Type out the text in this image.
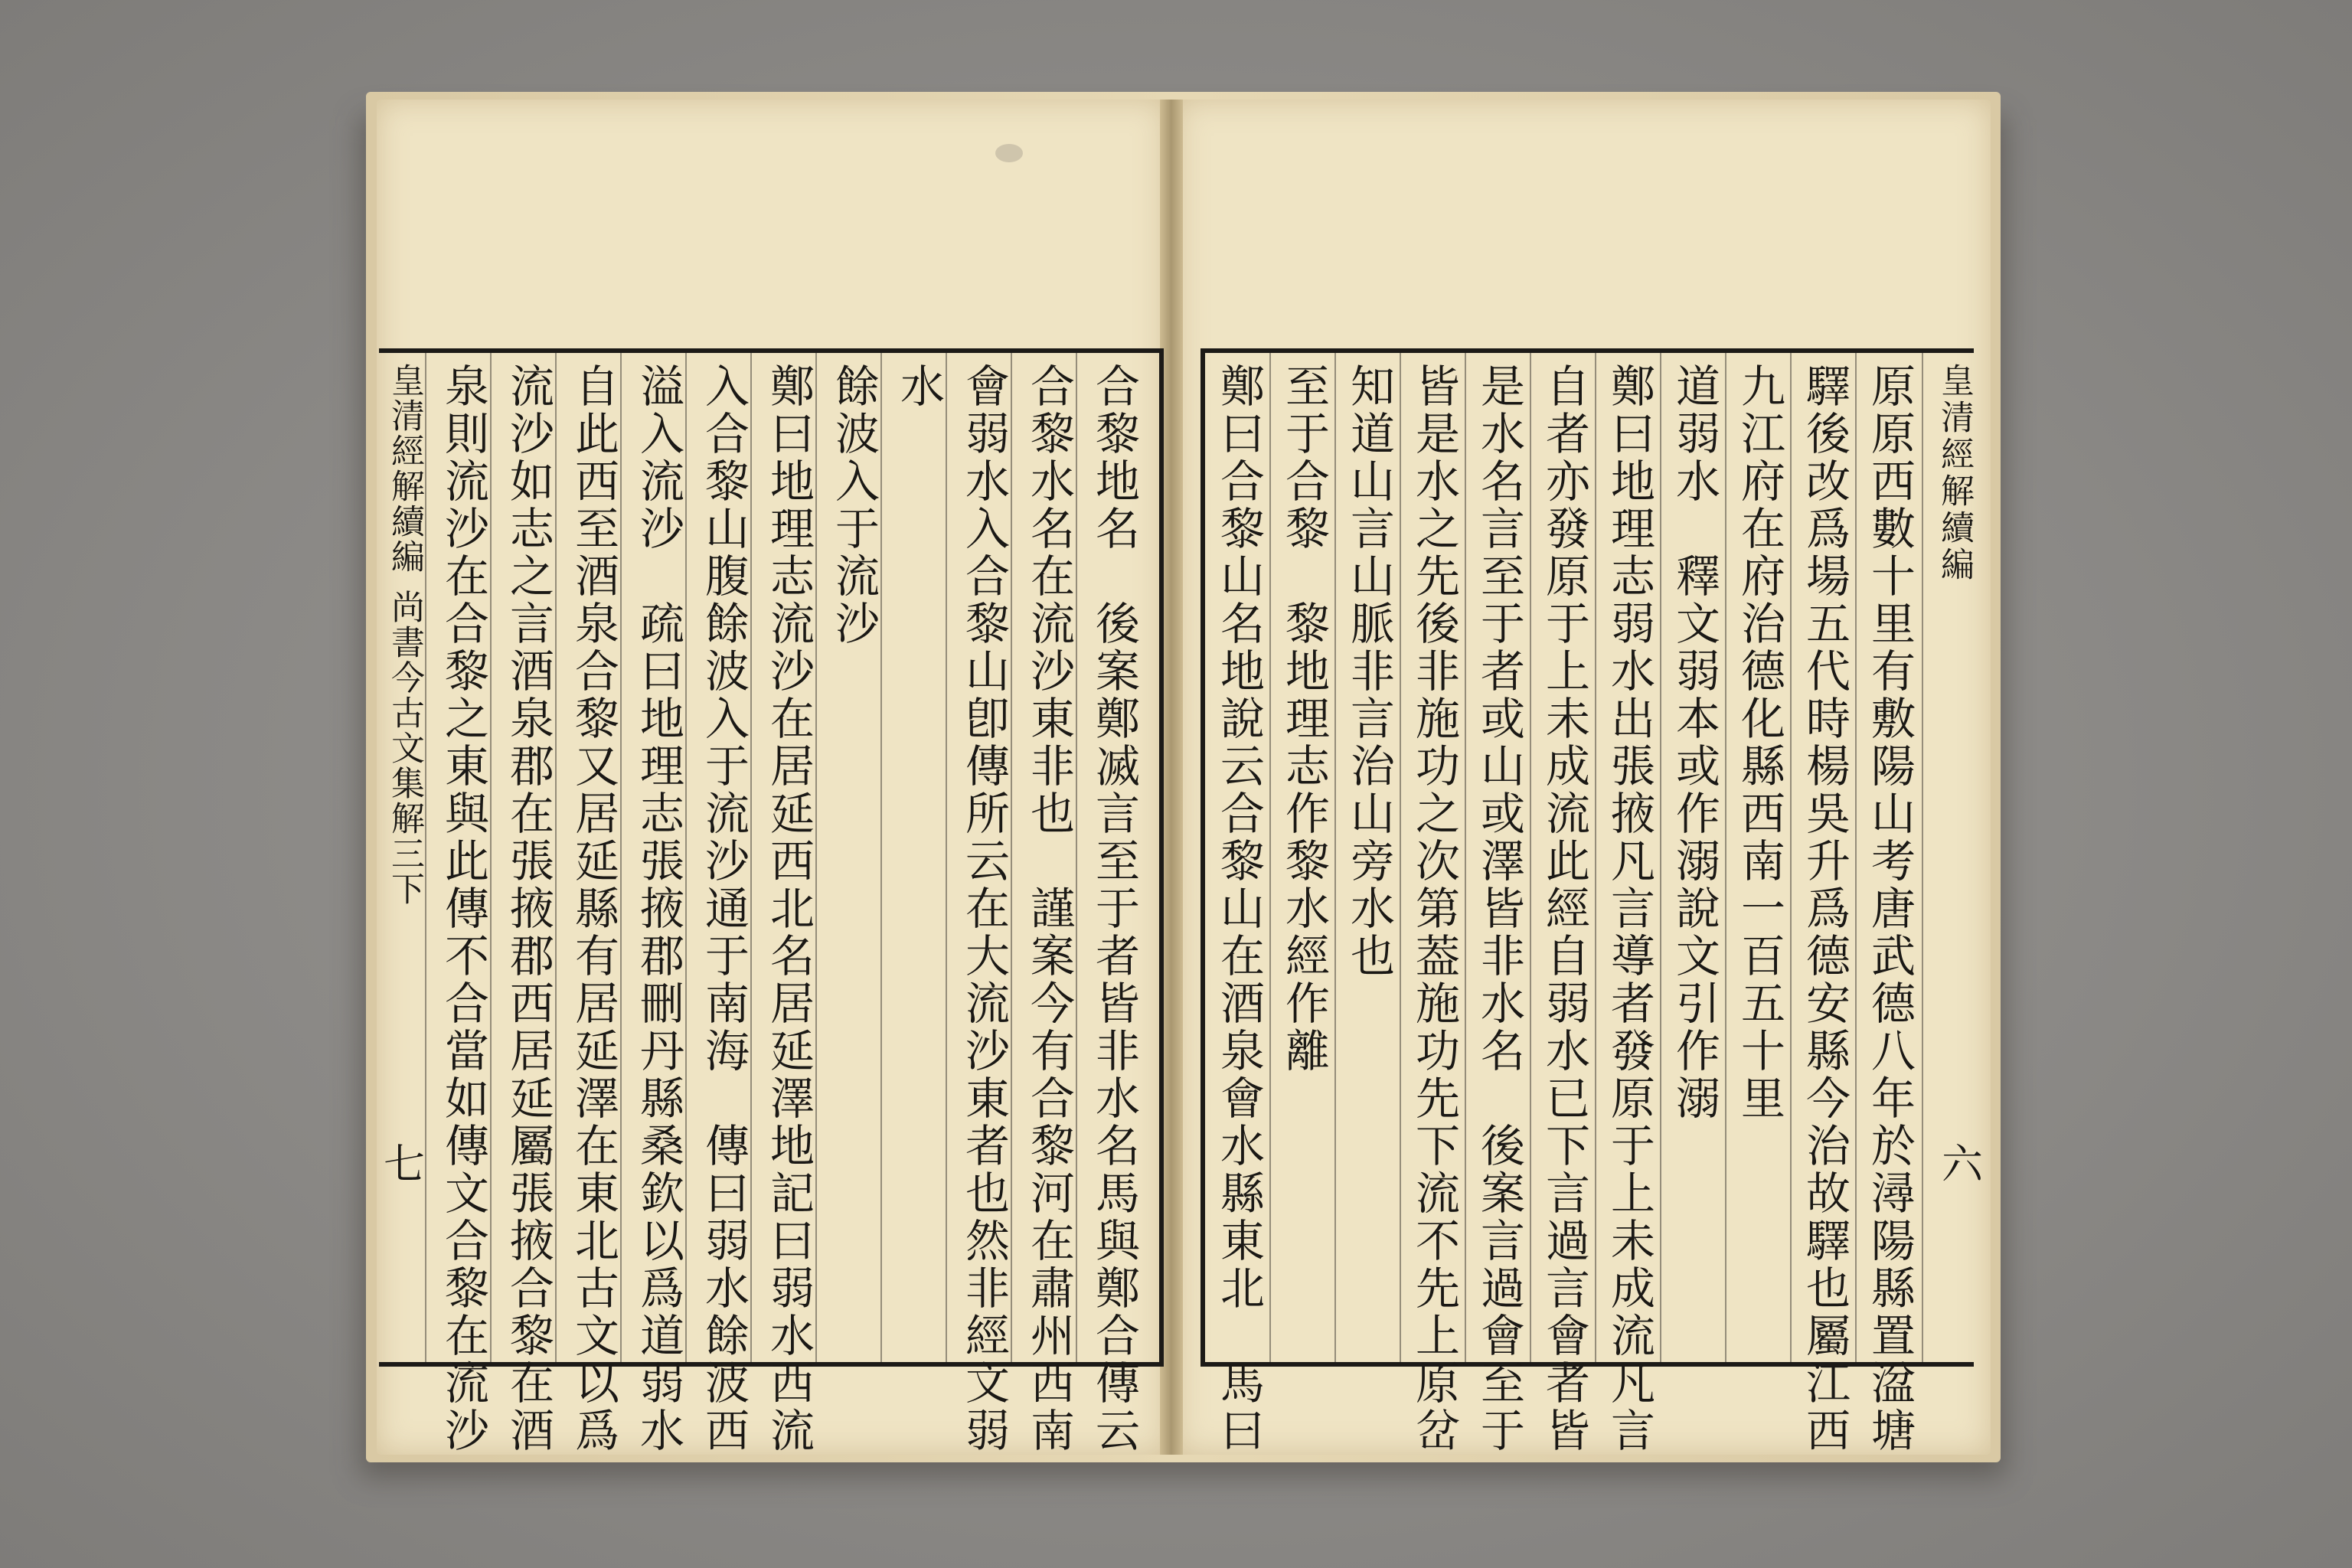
皇清經解續編
尚書今古文集解三下
七	合黎地名　後案鄭㓕言至于者皆非水名馬與鄭合傳云
合黎水名在流沙東非也　謹案今有合黎河在肅州西南
會弱水入合黎山卽傳所云在大流沙東者也然非經文弱
水
餘波入于流沙
鄭曰地理志流沙在居延西北名居延澤地記曰弱水西流
入合黎山腹餘波入于流沙通于南海　傳曰弱水餘波西
溢入流沙　疏曰地理志張掖郡刪丹縣桑欽以爲道弱水
自此西至酒泉合黎又居延縣有居延澤在東北古文以爲
流沙如志之言酒泉郡在張掖郡西居延屬張掖合黎在酒
泉則流沙在合黎之東與此傳不合當如傳文合黎在流沙	原原西數十里有敷陽山考唐武德八年於潯陽縣置湓塘
驛後改爲場五代時楊吳升爲德安縣今治故驛也屬江西
九江府在府治德化縣西南一百五十里
道弱水　釋文弱本或作溺說文引作溺
鄭曰地理志弱水出張掖凡言導者發原于上未成流凡言
自者亦發原于上未成流此經自弱水已下言過言會者皆
是水名言至于者或山或澤皆非水名　後案言過會至于
皆是水之先後非施功之次第葢施功先下流不先上原岔
知道山言山脈非言治山旁水也
至于合黎　黎地理志作黎水經作離
鄭曰合黎山名地說云合黎山在酒泉會水縣東北　馬曰	皇清經解續編
六
